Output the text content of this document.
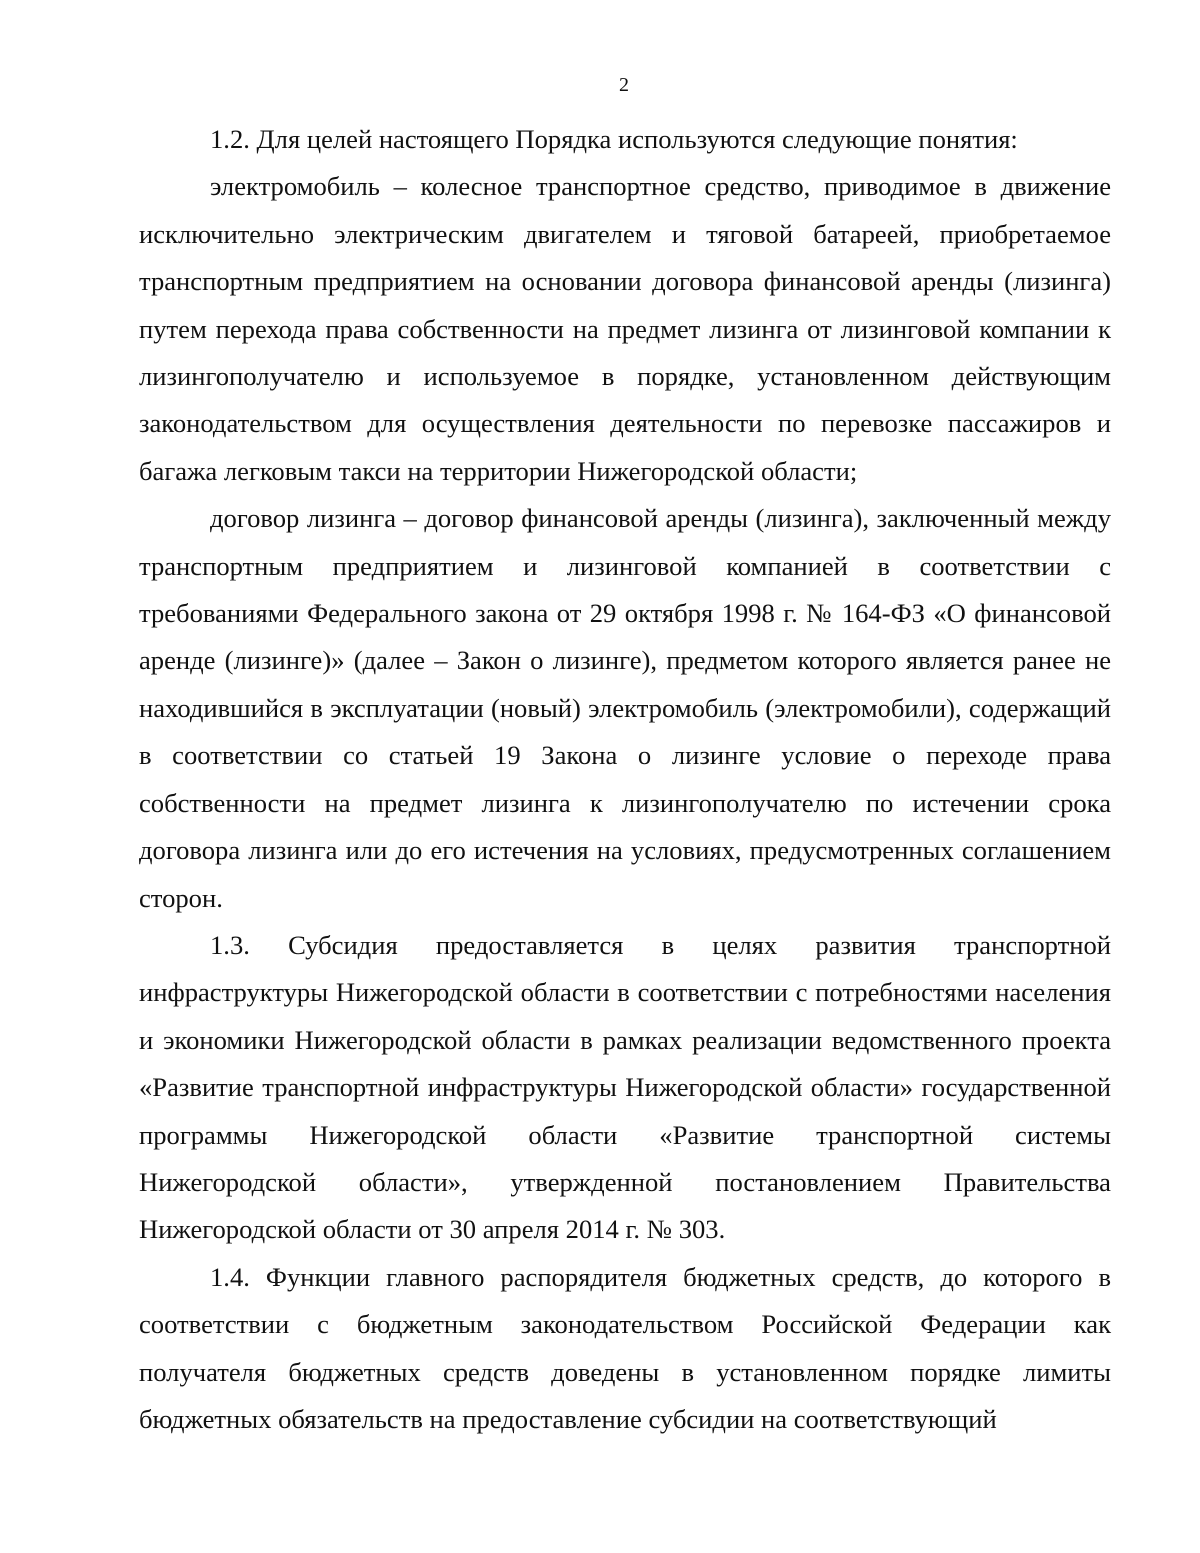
2

1.2. Для целей настоящего Порядка используются следующие понятия:

электромобиль – колесное транспортное средство, приводимое в движение исключительно электрическим двигателем и тяговой батареей, приобретаемое транспортным предприятием на основании договора финансовой аренды (лизинга) путем перехода права собственности на предмет лизинга от лизинговой компании к лизингополучателю и используемое в порядке, установленном действующим законодательством для осуществления деятельности по перевозке пассажиров и багажа легковым такси на территории Нижегородской области;

договор лизинга – договор финансовой аренды (лизинга), заключенный между транспортным предприятием и лизинговой компанией в соответствии с требованиями Федерального закона от 29 октября 1998 г. № 164-ФЗ «О финансовой аренде (лизинге)» (далее – Закон о лизинге), предметом которого является ранее не находившийся в эксплуатации (новый) электромобиль (электромобили), содержащий в соответствии со статьей 19 Закона о лизинге условие о переходе права собственности на предмет лизинга к лизингополучателю по истечении срока договора лизинга или до его истечения на условиях, предусмотренных соглашением сторон.

1.3. Субсидия предоставляется в целях развития транспортной инфраструктуры Нижегородской области в соответствии с потребностями населения и экономики Нижегородской области в рамках реализации ведомственного проекта «Развитие транспортной инфраструктуры Нижегородской области» государственной программы Нижегородской области «Развитие транспортной системы Нижегородской области», утвержденной постановлением Правительства Нижегородской области от 30 апреля 2014 г. № 303.

1.4. Функции главного распорядителя бюджетных средств, до которого в соответствии с бюджетным законодательством Российской Федерации как получателя бюджетных средств доведены в установленном порядке лимиты бюджетных обязательств на предоставление субсидии на соответствующий
